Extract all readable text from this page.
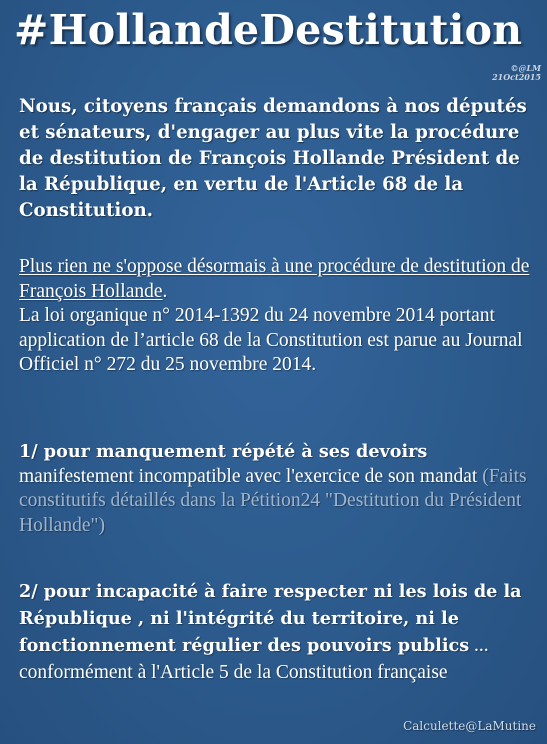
#HollandeDestitution
©@LM
21Oct2015

Nous, citoyens français demandons à nos députés et sénateurs, d'engager au plus vite la procédure de destitution de François Hollande Président de la République, en vertu de l'Article 68 de la Constitution.

Plus rien ne s'oppose désormais à une procédure de destitution de François Hollande.
La loi organique n° 2014-1392 du 24 novembre 2014 portant application de l’article 68 de la Constitution est parue au Journal Officiel n° 272 du 25 novembre 2014.

1/ pour manquement répété à ses devoirs
manifestement incompatible avec l'exercice de son mandat (Faits constitutifs détaillés dans la Pétition24 "Destitution du Président Hollande")

2/ pour incapacité à faire respecter ni les lois de la République , ni l'intégrité du territoire, ni le fonctionnement régulier des pouvoirs publics ... conformément à l'Article 5 de la Constitution française

Calculette@LaMutine
